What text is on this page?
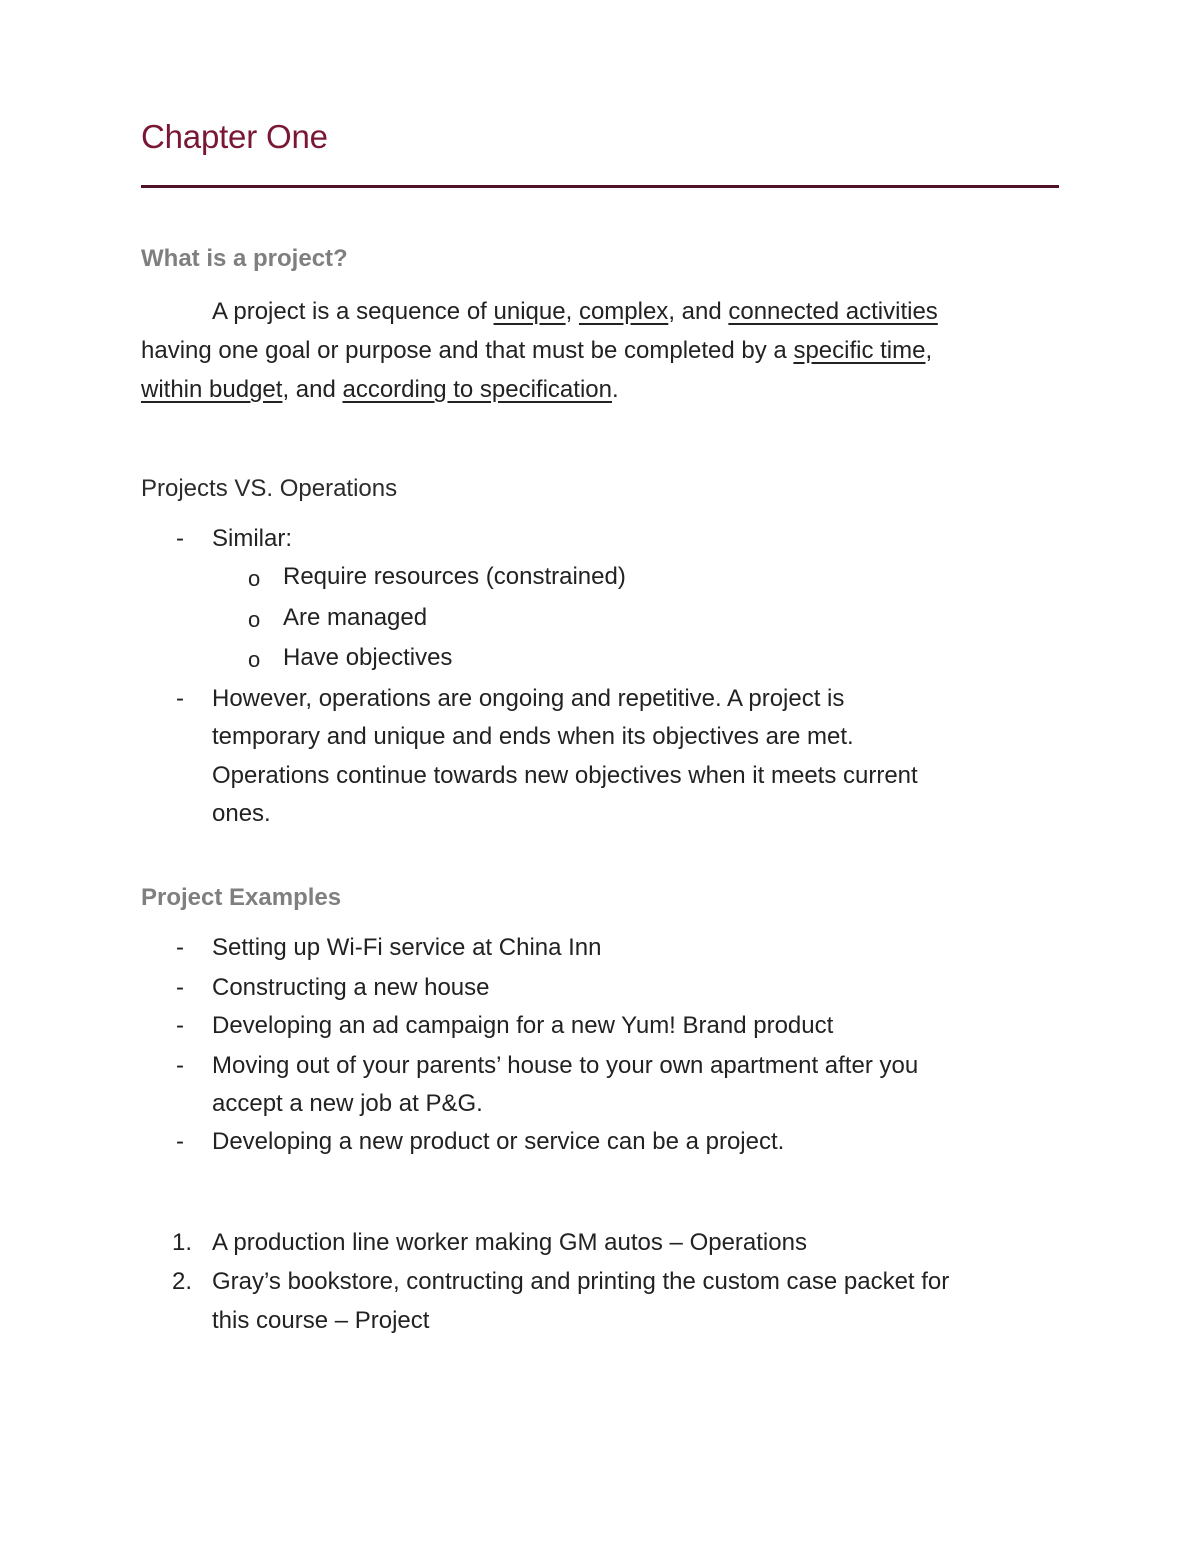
Chapter One
What is a project?
A project is a sequence of unique, complex, and connected activities
having one goal or purpose and that must be completed by a specific time,
within budget, and according to specification.
Projects VS. Operations
- Similar:
o Require resources (constrained)
o Are managed
o Have objectives
- However, operations are ongoing and repetitive. A project is
temporary and unique and ends when its objectives are met.
Operations continue towards new objectives when it meets current
ones.
Project Examples
- Setting up Wi-Fi service at China Inn
- Constructing a new house
- Developing an ad campaign for a new Yum! Brand product
- Moving out of your parents’ house to your own apartment after you
accept a new job at P&G.
- Developing a new product or service can be a project.
1. A production line worker making GM autos – Operations
2. Gray’s bookstore, contructing and printing the custom case packet for
this course – Project
